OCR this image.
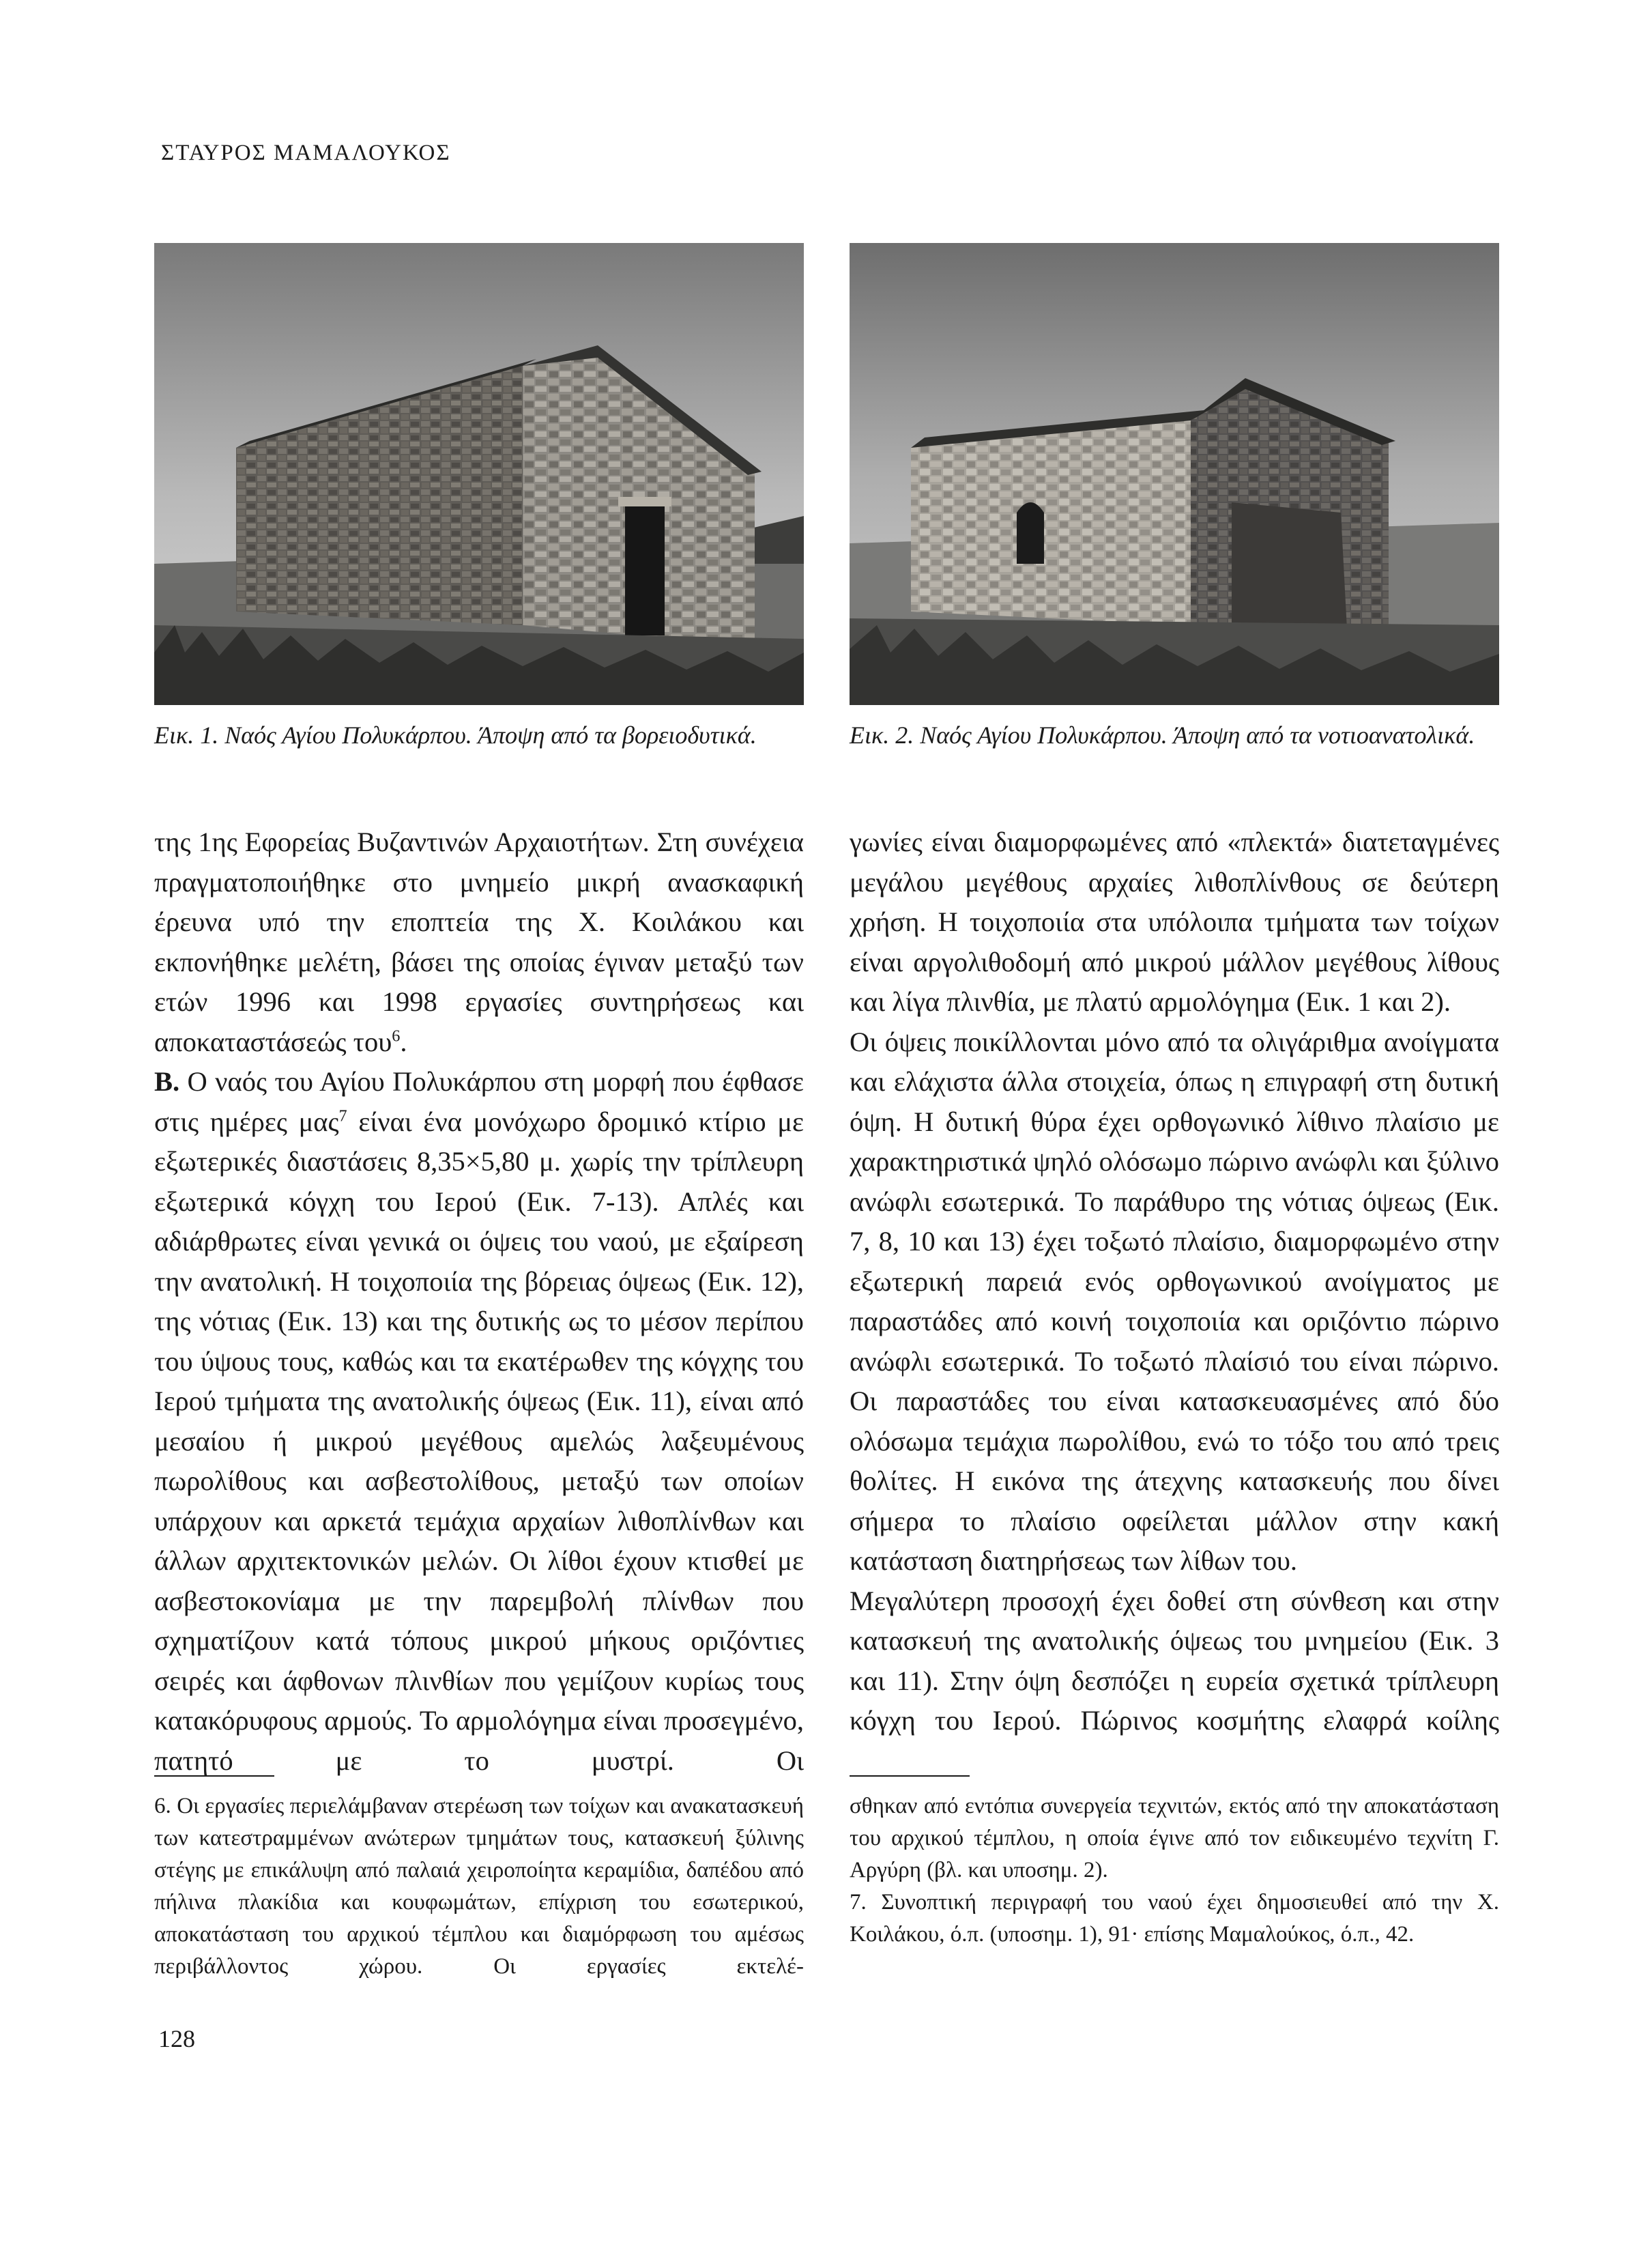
ΣΤΑΥΡΟΣ ΜΑΜΑΛΟΥΚΟΣ
Εικ. 1. Ναός Αγίου Πολυκάρπου. Άποψη από τα βορειοδυτικά.	Εικ. 2. Ναός Αγίου Πολυκάρπου. Άποψη από τα νοτιοανατολικά.

της 1ης Εφορείας Βυζαντινών Αρχαιοτήτων. Στη συνέχεια πραγματοποιήθηκε στο μνημείο μικρή ανασκαφική έρευνα υπό την εποπτεία της Χ. Κοιλάκου και εκπονήθηκε μελέτη, βάσει της οποίας έγιναν μεταξύ των ετών 1996 και 1998 εργασίες συντηρήσεως και αποκαταστάσεώς του$^6$.

Β. Ο ναός του Αγίου Πολυκάρπου στη μορφή που έφθασε στις ημέρες μας$^7$ είναι ένα μονόχωρο δρομικό κτίριο με εξωτερικές διαστάσεις 8,35×5,80 μ. χωρίς την τρίπλευρη εξωτερικά κόγχη του Ιερού (Εικ. 7-13). Απλές και αδιάρθρωτες είναι γενικά οι όψεις του ναού, με εξαίρεση την ανατολική. Η τοιχοποιία της βόρειας όψεως (Εικ. 12), της νότιας (Εικ. 13) και της δυτικής ως το μέσον περίπου του ύψους τους, καθώς και τα εκατέρωθεν της κόγχης του Ιερού τμήματα της ανατολικής όψεως (Εικ. 11), είναι από μεσαίου ή μικρού μεγέθους αμελώς λαξευμένους πωρολίθους και ασβεστολίθους, μεταξύ των οποίων υπάρχουν και αρκετά τεμάχια αρχαίων λιθοπλίνθων και άλλων αρχιτεκτονικών μελών. Οι λίθοι έχουν κτισθεί με ασβεστοκονίαμα με την παρεμβολή πλίνθων που σχηματίζουν κατά τόπους μικρού μήκους οριζόντιες σειρές και άφθονων πλινθίων που γεμίζουν κυρίως τους κατακόρυφους αρμούς. Το αρμολόγημα είναι προσεγμένο, πατητό με το μυστρί. Οι

γωνίες είναι διαμορφωμένες από «πλεκτά» διατεταγμένες μεγάλου μεγέθους αρχαίες λιθοπλίνθους σε δεύτερη χρήση. Η τοιχοποιία στα υπόλοιπα τμήματα των τοίχων είναι αργολιθοδομή από μικρού μάλλον μεγέθους λίθους και λίγα πλινθία, με πλατύ αρμολόγημα (Εικ. 1 και 2).

Οι όψεις ποικίλλονται μόνο από τα ολιγάριθμα ανοίγματα και ελάχιστα άλλα στοιχεία, όπως η επιγραφή στη δυτική όψη. Η δυτική θύρα έχει ορθογωνικό λίθινο πλαίσιο με χαρακτηριστικά ψηλό ολόσωμο πώρινο ανώφλι και ξύλινο ανώφλι εσωτερικά. Το παράθυρο της νότιας όψεως (Εικ. 7, 8, 10 και 13) έχει τοξωτό πλαίσιο, διαμορφωμένο στην εξωτερική παρειά ενός ορθογωνικού ανοίγματος με παραστάδες από κοινή τοιχοποιία και οριζόντιο πώρινο ανώφλι εσωτερικά. Το τοξωτό πλαίσιό του είναι πώρινο. Οι παραστάδες του είναι κατασκευασμένες από δύο ολόσωμα τεμάχια πωρολίθου, ενώ το τόξο του από τρεις θολίτες. Η εικόνα της άτεχνης κατασκευής που δίνει σήμερα το πλαίσιο οφείλεται μάλλον στην κακή κατάσταση διατηρήσεως των λίθων του.

Μεγαλύτερη προσοχή έχει δοθεί στη σύνθεση και στην κατασκευή της ανατολικής όψεως του μνημείου (Εικ. 3 και 11). Στην όψη δεσπόζει η ευρεία σχετικά τρίπλευρη κόγχη του Ιερού. Πώρινος κοσμήτης ελαφρά κοίλης

6. Οι εργασίες περιελάμβαναν στερέωση των τοίχων και ανακατασκευή των κατεστραμμένων ανώτερων τμημάτων τους, κατασκευή ξύλινης στέγης με επικάλυψη από παλαιά χειροποίητα κεραμίδια, δαπέδου από πήλινα πλακίδια και κουφωμάτων, επίχριση του εσωτερικού, αποκατάσταση του αρχικού τέμπλου και διαμόρφωση του αμέσως περιβάλλοντος χώρου. Οι εργασίες εκτελέ-

σθηκαν από εντόπια συνεργεία τεχνιτών, εκτός από την αποκατάσταση του αρχικού τέμπλου, η οποία έγινε από τον ειδικευμένο τεχνίτη Γ. Αργύρη (βλ. και υποσημ. 2).

7. Συνοπτική περιγραφή του ναού έχει δημοσιευθεί από την Χ. Κοιλάκου, ό.π. (υποσημ. 1), 91· επίσης Μαμαλούκος, ό.π., 42.

128
